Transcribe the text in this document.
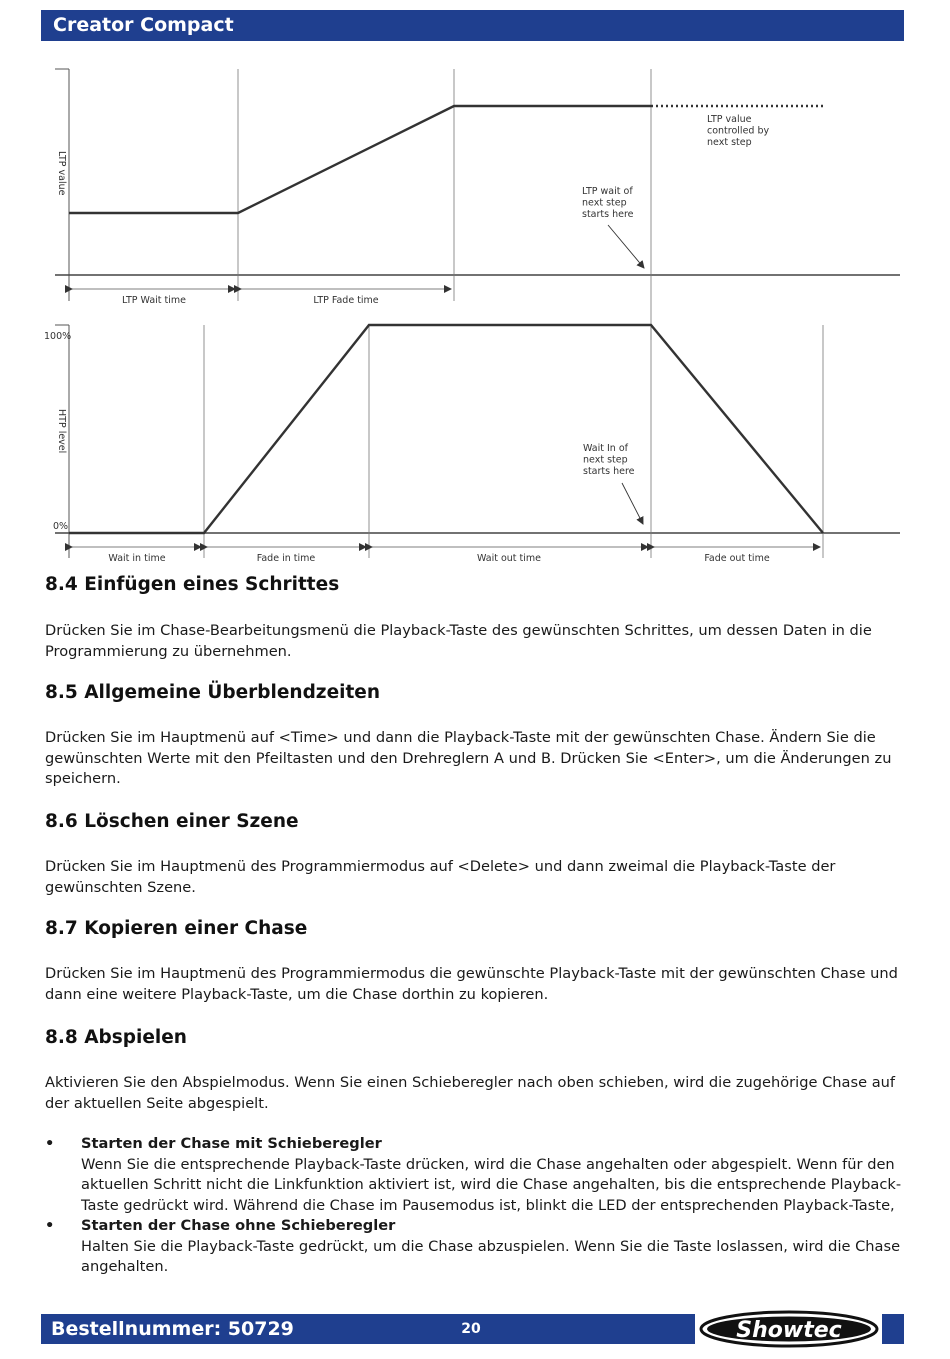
Creator Compact
LTP value
LTP Wait time	LTP Fade time
LTP value controlled by next step
LTP wait of next step starts here
100%
0%
HTP level
Wait in time	Fade in time	Wait out time	Fade out time
Wait In of next step starts here
8.4 Einfügen eines Schrittes

Drücken Sie im Chase-Bearbeitungsmenü die Playback-Taste des gewünschten Schrittes, um dessen Daten in die Programmierung zu übernehmen.

8.5 Allgemeine Überblendzeiten

Drücken Sie im Hauptmenü auf <Time> und dann die Playback-Taste mit der gewünschten Chase. Ändern Sie die gewünschten Werte mit den Pfeiltasten und den Drehreglern A und B. Drücken Sie <Enter>, um die Änderungen zu speichern.

8.6 Löschen einer Szene

Drücken Sie im Hauptmenü des Programmiermodus auf <Delete> und dann zweimal die Playback-Taste der gewünschten Szene.

8.7 Kopieren einer Chase

Drücken Sie im Hauptmenü des Programmiermodus die gewünschte Playback-Taste mit der gewünschten Chase und dann eine weitere Playback-Taste, um die Chase dorthin zu kopieren.

8.8 Abspielen

Aktivieren Sie den Abspielmodus. Wenn Sie einen Schieberegler nach oben schieben, wird die zugehörige Chase auf der aktuellen Seite abgespielt.

• Starten der Chase mit Schieberegler
Wenn Sie die entsprechende Playback-Taste drücken, wird die Chase angehalten oder abgespielt. Wenn für den aktuellen Schritt nicht die Linkfunktion aktiviert ist, wird die Chase angehalten, bis die entsprechende Playback-Taste gedrückt wird. Während die Chase im Pausemodus ist, blinkt die LED der entsprechenden Playback-Taste,
• Starten der Chase ohne Schieberegler
Halten Sie die Playback-Taste gedrückt, um die Chase abzuspielen. Wenn Sie die Taste loslassen, wird die Chase angehalten.
Bestellnummer: 50729	20	Showtec
